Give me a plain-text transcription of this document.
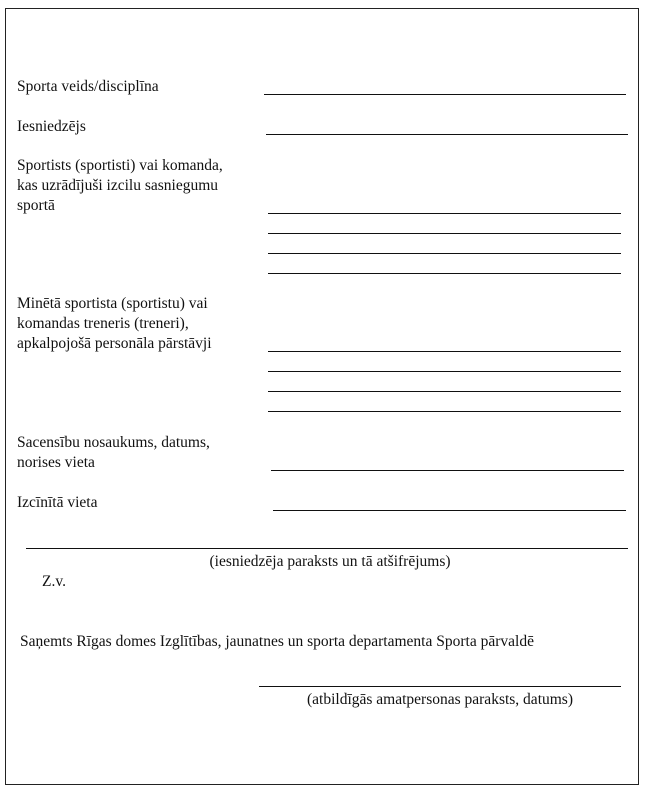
Sporta veids/disciplīna
Iesniedzējs
Sportists (sportisti) vai komanda,
kas uzrādījuši izcilu sasniegumu
sportā
Minētā sportista (sportistu) vai
komandas treneris (treneri),
apkalpojošā personāla pārstāvji
Sacensību nosaukums, datums,
norises vieta
Izcīnītā vieta
(iesniedzēja paraksts un tā atšifrējums)
Z.v.
Saņemts Rīgas domes Izglītības, jaunatnes un sporta departamenta Sporta pārvaldē
(atbildīgās amatpersonas paraksts, datums)
